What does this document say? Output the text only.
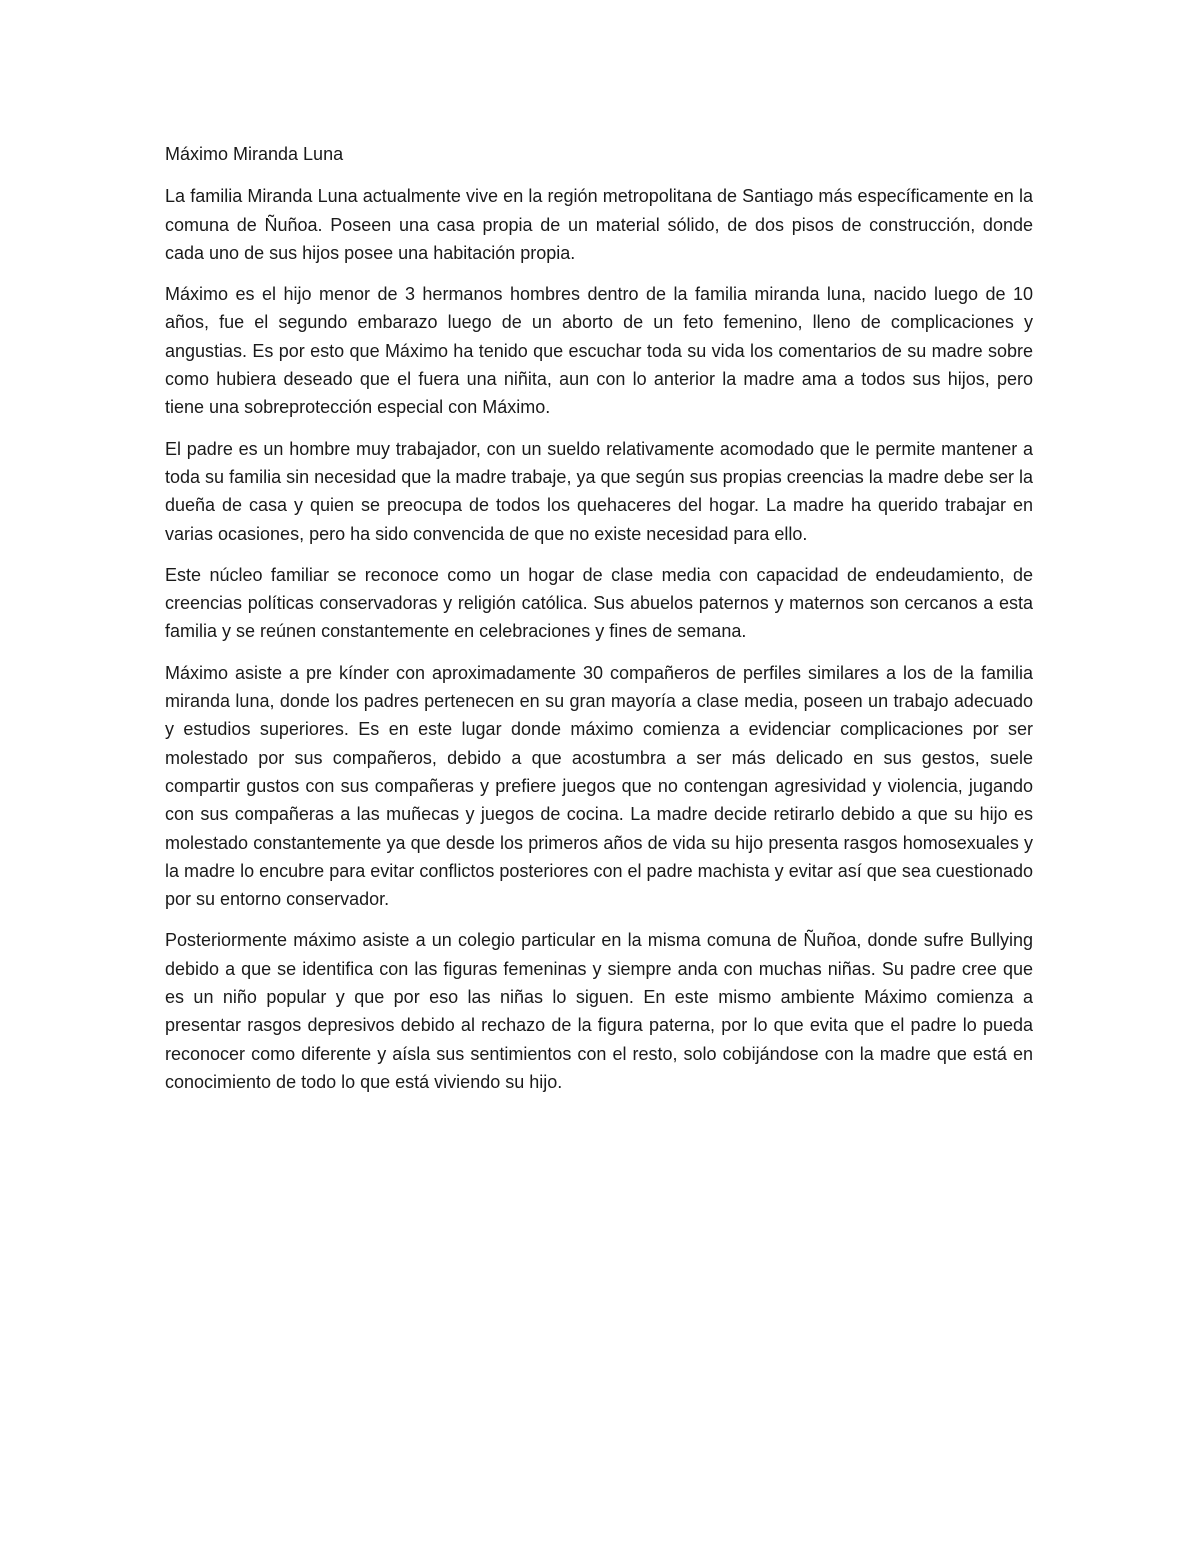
Máximo Miranda Luna

La familia Miranda Luna actualmente vive en la región metropolitana de Santiago más específicamente en la comuna de Ñuñoa. Poseen una casa propia de un material sólido, de dos pisos de construcción, donde cada uno de sus hijos posee una habitación propia.

Máximo es el hijo menor de 3 hermanos hombres dentro de la familia miranda luna, nacido luego de 10 años, fue el segundo embarazo luego de un aborto de un feto femenino, lleno de complicaciones y angustias. Es por esto que Máximo ha tenido que escuchar toda su vida los comentarios de su madre sobre como hubiera deseado que el fuera una niñita, aun con lo anterior la madre ama a todos sus hijos, pero tiene una sobreprotección especial con Máximo.

El padre es un hombre muy trabajador, con un sueldo relativamente acomodado que le permite mantener a toda su familia sin necesidad que la madre trabaje, ya que según sus propias creencias la madre debe ser la dueña de casa y quien se preocupa de todos los quehaceres del hogar. La madre ha querido trabajar en varias ocasiones, pero ha sido convencida de que no existe necesidad para ello.

Este núcleo familiar se reconoce como un hogar de clase media con capacidad de endeudamiento, de creencias políticas conservadoras y religión católica. Sus abuelos paternos y maternos son cercanos a esta familia y se reúnen constantemente en celebraciones y fines de semana.

Máximo asiste a pre kínder con aproximadamente 30 compañeros de perfiles similares a los de la familia miranda luna, donde los padres pertenecen en su gran mayoría a clase media, poseen un trabajo adecuado y estudios superiores. Es en este lugar donde máximo comienza a evidenciar complicaciones por ser molestado por sus compañeros, debido a que acostumbra a ser más delicado en sus gestos, suele compartir gustos con sus compañeras y prefiere juegos que no contengan agresividad y violencia, jugando con sus compañeras a las muñecas y juegos de cocina. La madre decide retirarlo debido a que su hijo es molestado constantemente ya que desde los primeros años de vida su hijo presenta rasgos homosexuales y la madre lo encubre para evitar conflictos posteriores con el padre machista y evitar así que sea cuestionado por su entorno conservador.

Posteriormente máximo asiste a un colegio particular en la misma comuna de Ñuñoa, donde sufre Bullying debido a que se identifica con las figuras femeninas y siempre anda con muchas niñas. Su padre cree que es un niño popular y que por eso las niñas lo siguen. En este mismo ambiente Máximo comienza a presentar rasgos depresivos debido al rechazo de la figura paterna, por lo que evita que el padre lo pueda reconocer como diferente y aísla sus sentimientos con el resto, solo cobijándose con la madre que está en conocimiento de todo lo que está viviendo su hijo.
